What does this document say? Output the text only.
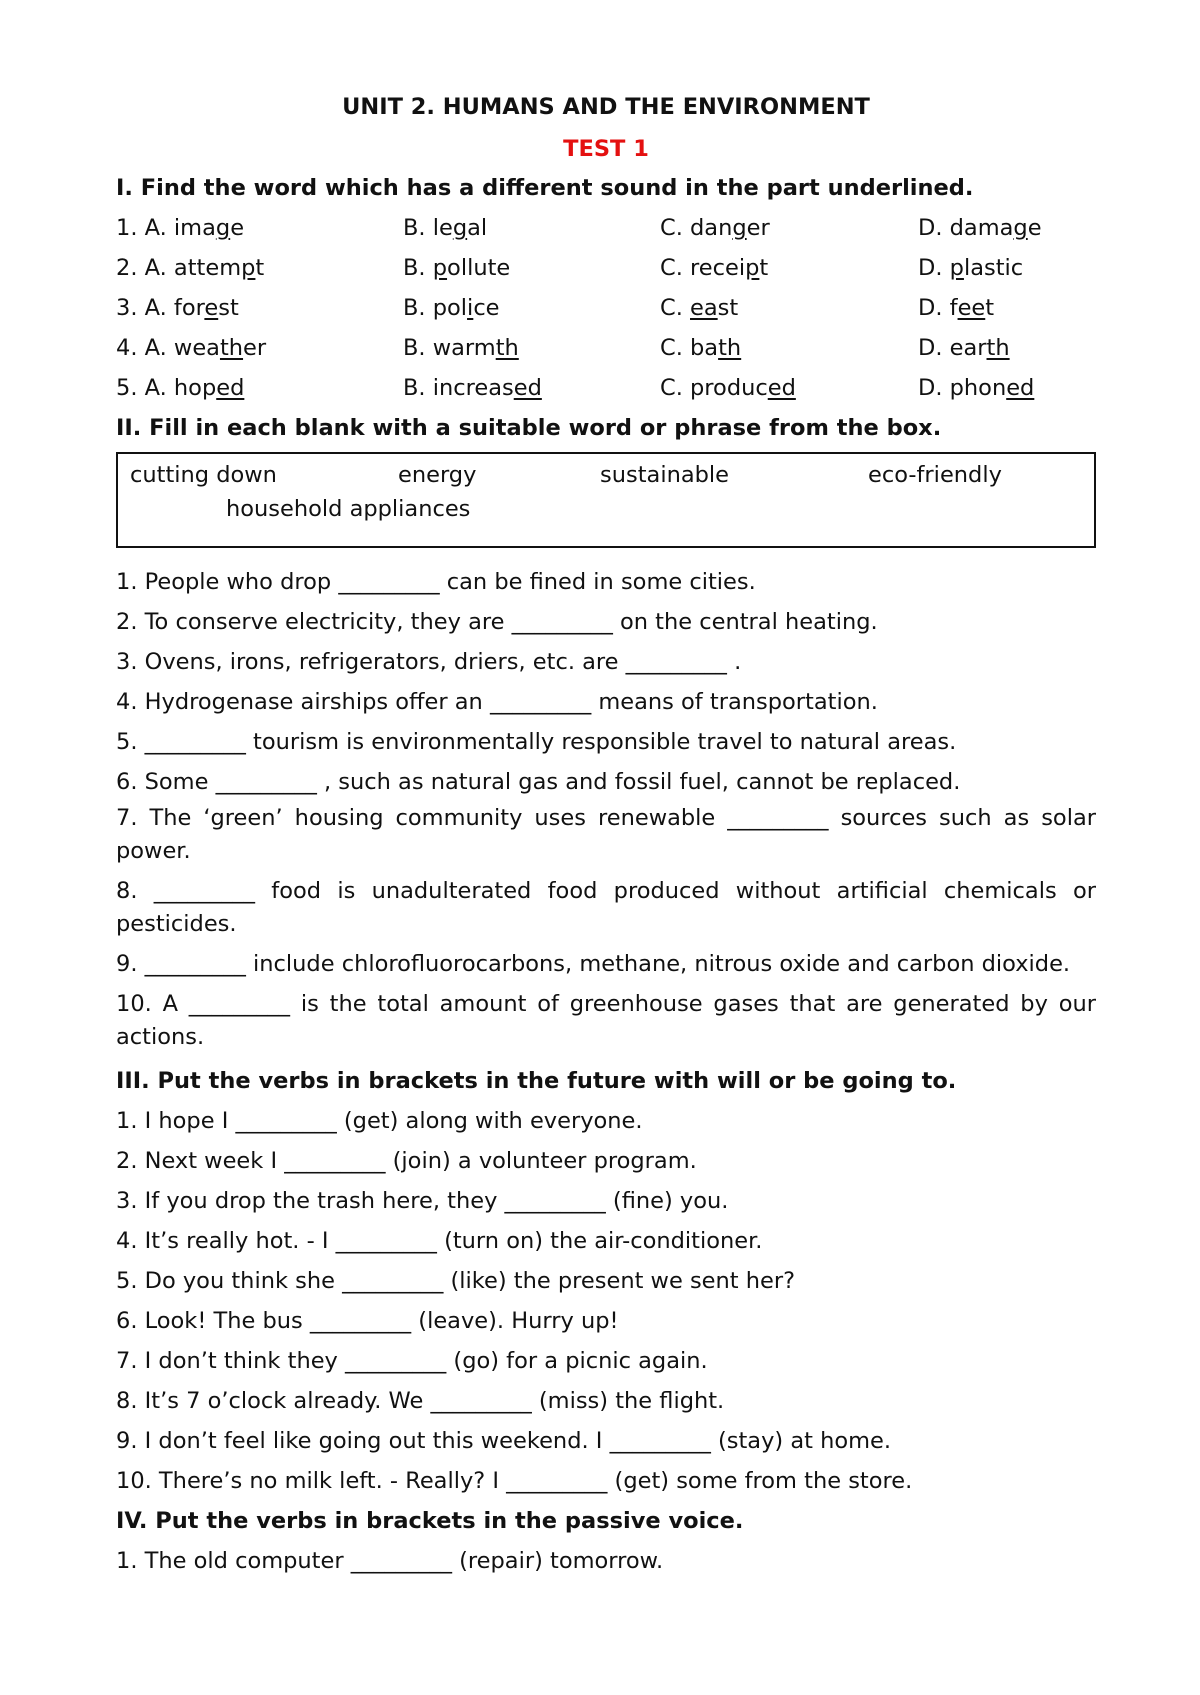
UNIT 2. HUMANS AND THE ENVIRONMENT
TEST 1
I. Find the word which has a different sound in the part underlined.
1. A. image	B. legal	C. danger	D. damage
2. A. attempt	B. pollute	C. receipt	D. plastic
3. A. forest	B. police	C. east	D. feet
4. A. weather	B. warmth	C. bath	D. earth
5. A. hoped	B. increased	C. produced	D. phoned
II. Fill in each blank with a suitable word or phrase from the box.
cutting down	energy	sustainable	eco-friendly
household appliances
1. People who drop _________ can be fined in some cities.
2. To conserve electricity, they are _________ on the central heating.
3. Ovens, irons, refrigerators, driers, etc. are _________ .
4. Hydrogenase airships offer an _________ means of transportation.
5. _________ tourism is environmentally responsible travel to natural areas.
6. Some _________ , such as natural gas and fossil fuel, cannot be replaced.
7. The ‘green’ housing community uses renewable _________ sources such as solar power.
8. _________ food is unadulterated food produced without artificial chemicals or pesticides.
9. _________ include chlorofluorocarbons, methane, nitrous oxide and carbon dioxide.
10. A _________ is the total amount of greenhouse gases that are generated by our actions.
III. Put the verbs in brackets in the future with will or be going to.
1. I hope I _________ (get) along with everyone.
2. Next week I _________ (join) a volunteer program.
3. If you drop the trash here, they _________ (fine) you.
4. It’s really hot. - I _________ (turn on) the air-conditioner.
5. Do you think she _________ (like) the present we sent her?
6. Look! The bus _________ (leave). Hurry up!
7. I don’t think they _________ (go) for a picnic again.
8. It’s 7 o’clock already. We _________ (miss) the flight.
9. I don’t feel like going out this weekend. I _________ (stay) at home.
10. There’s no milk left. - Really? I _________ (get) some from the store.
IV. Put the verbs in brackets in the passive voice.
1. The old computer _________ (repair) tomorrow.
